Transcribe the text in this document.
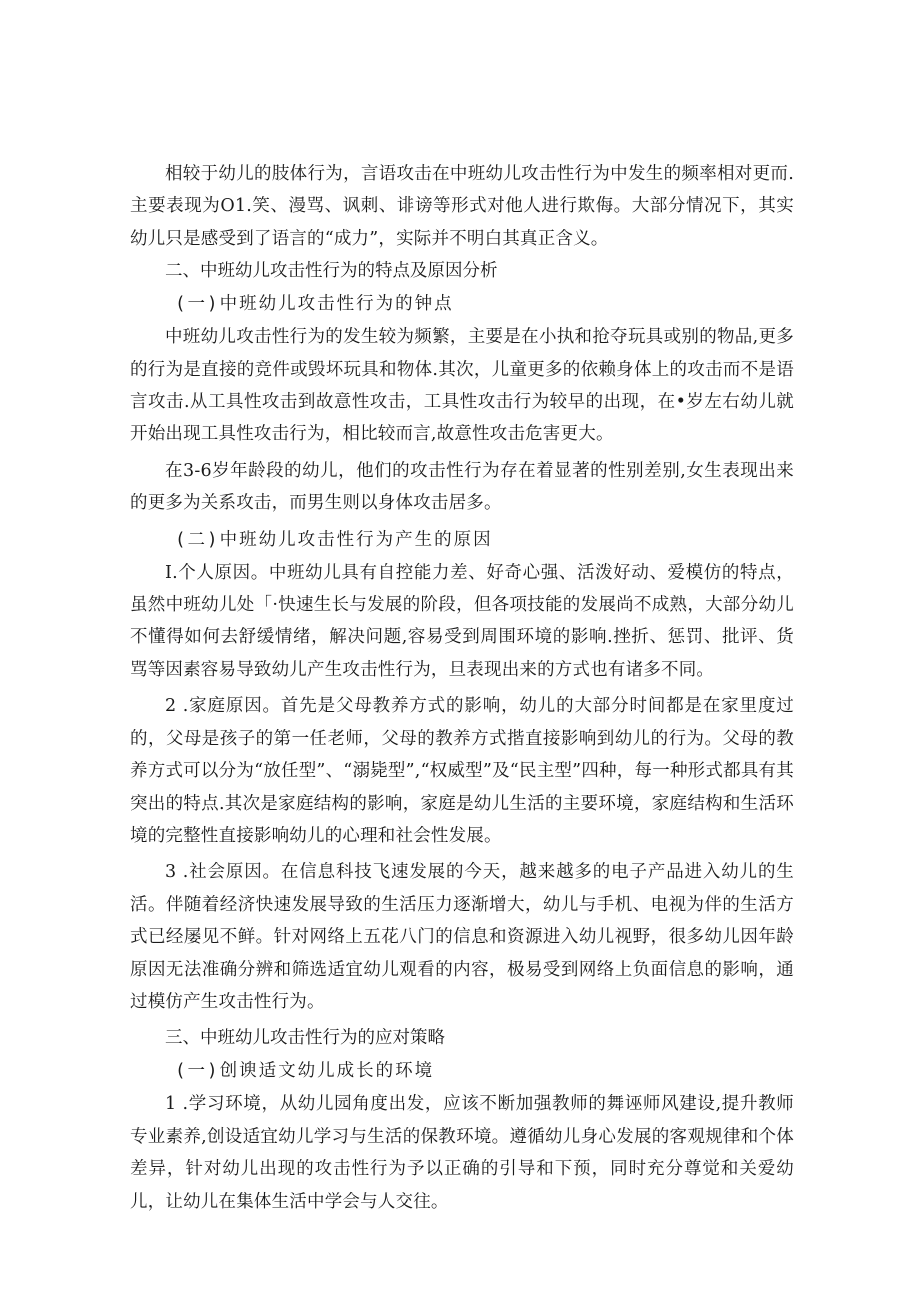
相较于幼儿的肢体行为，言语攻击在中班幼儿攻击性行为中发生的频率相对更而.主要表现为O1.笑、漫骂、讽刺、诽谤等形式对他人进行欺侮。大部分情况下，其实幼儿只是感受到了语言的“成力”，实际并不明白其真正含义。

二、中班幼儿攻击性行为的特点及原因分析

(一)中班幼儿攻击性行为的钟点

中班幼儿攻击性行为的发生较为频繁，主要是在小执和抢夺玩具或别的物品,更多的行为是直接的竞件或毁坏玩具和物体.其次，儿童更多的依赖身体上的攻击而不是语言攻击.从工具性攻击到故意性攻击，工具性攻击行为较早的出现，在•岁左右幼儿就开始出现工具性攻击行为，相比较而言,故意性攻击危害更大。

在3-6岁年龄段的幼儿，他们的攻击性行为存在着显著的性别差别,女生表现出来的更多为关系攻击，而男生则以身体攻击居多。

(二)中班幼儿攻击性行为产生的原因

I.个人原因。中班幼儿具有自控能力差、好奇心强、活泼好动、爱模仿的特点，虽然中班幼儿处「·快速生长与发展的阶段，但各项技能的发展尚不成熟，大部分幼儿不懂得如何去舒缓情绪，解决问题,容易受到周围环境的影响.挫折、惩罚、批评、货骂等因素容易导致幼儿产生攻击性行为，旦表现出来的方式也有诸多不同。

2 .家庭原因。首先是父母教养方式的影响，幼儿的大部分时间都是在家里度过的，父母是孩子的第一任老师，父母的教养方式揩直接影响到幼儿的行为。父母的教养方式可以分为“放任型”、“溺毙型”,“权威型”及“民主型”四种，每一种形式都具有其突出的特点.其次是家庭结构的影响，家庭是幼儿生活的主要环境，家庭结构和生活环境的完整性直接影响幼儿的心理和社会性发展。

3 .社会原因。在信息科技飞速发展的今天，越来越多的电子产品进入幼儿的生活。伴随着经济快速发展导致的生活压力逐渐增大，幼儿与手机、电视为伴的生活方式已经屡见不鲜。针对网络上五花八门的信息和资源进入幼儿视野，很多幼儿因年龄原因无法准确分辨和筛选适宜幼儿观看的内容，极易受到网络上负面信息的影响，通过模仿产生攻击性行为。

三、中班幼儿攻击性行为的应对策略

(一)创谀适文幼儿成长的环境

1 .学习环境，从幼儿园角度出发，应该不断加强教师的舞诬师风建设,提升教师专业素养,创设适宜幼儿学习与生活的保教环境。遵循幼儿身心发展的客观规律和个体差异，针对幼儿出现的攻击性行为予以正确的引导和下预，同时充分尊觉和关爱幼儿，让幼儿在集体生活中学会与人交往。
